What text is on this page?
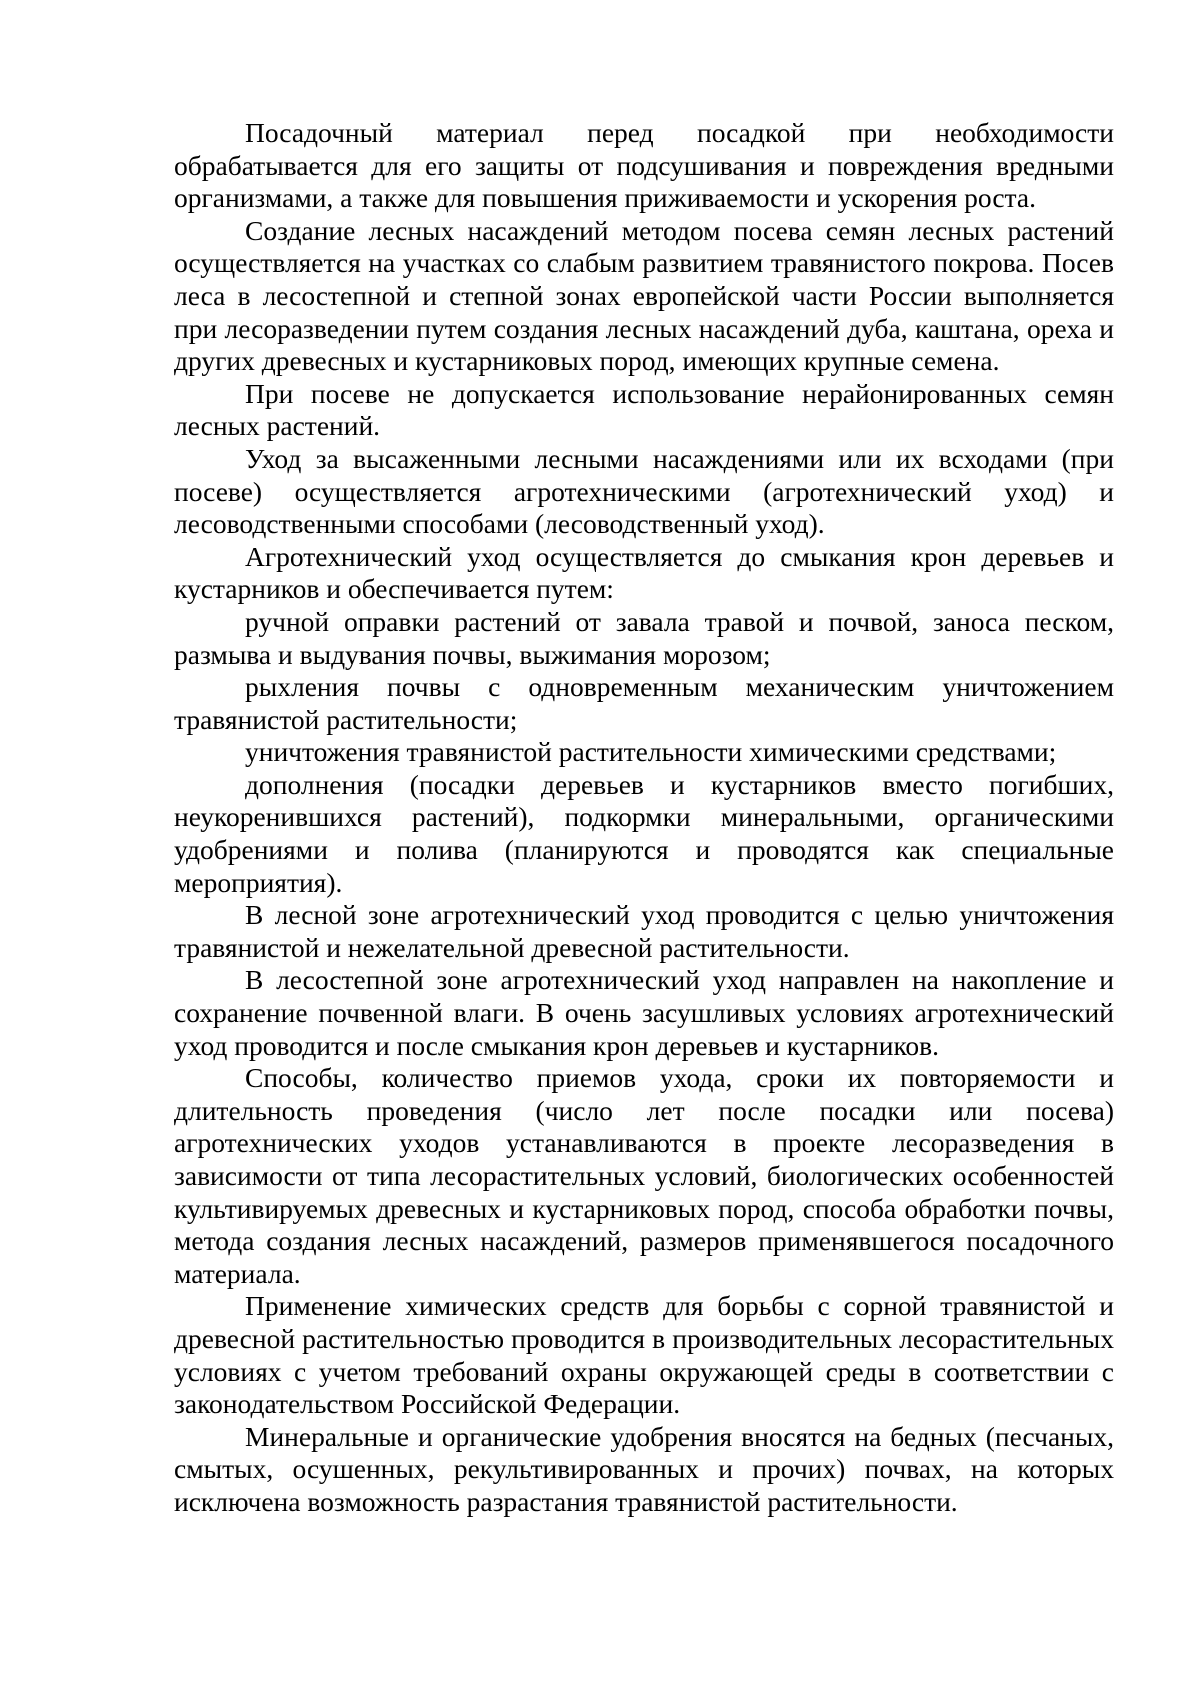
Посадочный материал перед посадкой при необходимости обрабатывается для его защиты от подсушивания и повреждения вредными организмами, а также для повышения приживаемости и ускорения роста.

Создание лесных насаждений методом посева семян лесных растений осуществляется на участках со слабым развитием травянистого покрова. Посев леса в лесостепной и степной зонах европейской части России выполняется при лесоразведении путем создания лесных насаждений дуба, каштана, ореха и других древесных и кустарниковых пород, имеющих крупные семена.

При посеве не допускается использование нерайонированных семян лесных растений.

Уход за высаженными лесными насаждениями или их всходами (при посеве) осуществляется агротехническими (агротехнический уход) и лесоводственными способами (лесоводственный уход).

Агротехнический уход осуществляется до смыкания крон деревьев и кустарников и обеспечивается путем:

ручной оправки растений от завала травой и почвой, заноса песком, размыва и выдувания почвы, выжимания морозом;

рыхления почвы с одновременным механическим уничтожением травянистой растительности;

уничтожения травянистой растительности химическими средствами;

дополнения (посадки деревьев и кустарников вместо погибших, неукоренившихся растений), подкормки минеральными, органическими удобрениями и полива (планируются и проводятся как специальные мероприятия).

В лесной зоне агротехнический уход проводится с целью уничтожения травянистой и нежелательной древесной растительности.

В лесостепной зоне агротехнический уход направлен на накопление и сохранение почвенной влаги. В очень засушливых условиях агротехнический уход проводится и после смыкания крон деревьев и кустарников.

Способы, количество приемов ухода, сроки их повторяемости и длительность проведения (число лет после посадки или посева) агротехнических уходов устанавливаются в проекте лесоразведения в зависимости от типа лесорастительных условий, биологических особенностей культивируемых древесных и кустарниковых пород, способа обработки почвы, метода создания лесных насаждений, размеров применявшегося посадочного материала.

Применение химических средств для борьбы с сорной травянистой и древесной растительностью проводится в производительных лесорастительных условиях с учетом требований охраны окружающей среды в соответствии с законодательством Российской Федерации.

Минеральные и органические удобрения вносятся на бедных (песчаных, смытых, осушенных, рекультивированных и прочих) почвах, на которых исключена возможность разрастания травянистой растительности.
